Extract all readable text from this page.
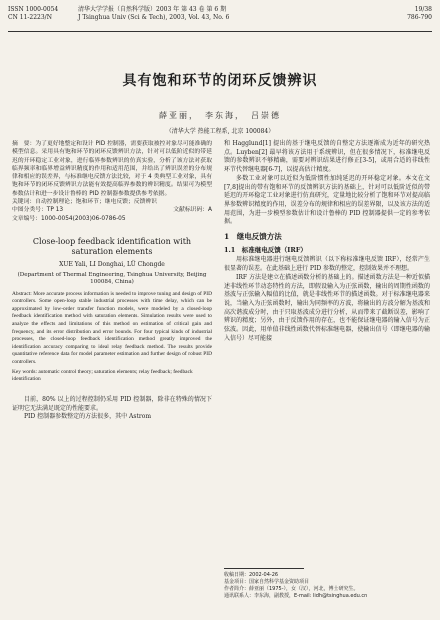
ISSN 1000-0054
CN 11-2223/N
清华大学学报（自然科学版）2003 年 第 43 卷 第 6 期
J Tsinghua Univ (Sci & Tech), 2003, Vol. 43, No. 6
19/38
786-790
具有饱和环节的闭环反馈辨识
薛亚丽，　李东海，　吕崇德
（清华大学 热能工程系, 北京 100084）

摘　要：为了更好地整定和设计 PID 控制器，需要获取被控对象尽可能准确的模型信息。采用具有饱和环节的闭环反馈辨识方法，针对可以低阶近似的带延迟的开环稳定工业对象，进行临界参数辨识的仿真实验，分析了该方法对获取临界频率和临界增益辨识精度的作用和适用范围，并给出了辨识误差的分布规律和相应的误差界，与标准继电反馈方法比较，对于 4 类典型工业对象，具有饱和环节的闭环反馈辨识方法能有效提高临界参数的辨识精度。结果可为模型参数估计和进一步设计鲁棒的 PID 控制器参数提供参考依据。

关键词：自动控制理论；饱和环节；继电反馈；反馈辨识

中图分类号：TP 13	文献标识码：A

文章编号：1000-0054(2003)06-0786-05

Close-loop feedback identification with saturation elements

XUE Yali, LI Donghai, LÜ Chongde

(Department of Thermal Engineering, Tsinghua University, Beijing 100084, China)

Abstract: More accurate process information is needed to improve tuning and design of PID controllers. Some open-loop stable industrial processes with time delay, which can be approximated by low-order transfer function models, were modeled by a closed-loop feedback identification method with saturation elements. Simulation results were used to analyze the effects and limitations of this method on estimation of critical gain and frequency, and its error distribution and error bounds. For four typical kinds of industrial processes, the closed-loop feedback identification method greatly improved the identification accuracy comparing to ideal relay feedback method. The results provide quantitative reference data for model parameter estimation and further design of robust PID controllers.

Key words: automatic control theory; saturation elements; relay feedback; feedback identification

目前，80% 以上的过程控制仍采用 PID 控制器，除非在特殊的情况下证明它无法满足既定的性能要求。

PID 控制器参数整定的方法很多，其中 Astrom

和 Hagglund[1] 提出的基于继电反馈的自整定方法逐渐成为近年的研究热点。Luyben[2] 最早将该方法用于系统辨识，但在很多情况下，标准继电反馈的参数辨识不够精确，需要对辨识结果进行修正[3-5]，或用合适的非线性环节代替继电器[6-7]，以提高估计精度。

多数工业对象可以近似为低阶惯性加纯延迟的开环稳定对象。本文在文[7,8]提出的带有饱和环节的反馈辨识方法的基础上，针对可以低阶近似的带延迟的开环稳定工业对象进行仿真研究，定量地比较分析了饱和环节对提高临界参数辨识精度的作用，误差分布的规律和相应的误差界限，以及该方法的适用范围，为进一步模型参数估计和设计鲁棒的 PID 控制器提供一定的参考依据。

1　继电反馈方法
1.1　标准继电反馈（IRF）

用标准继电器进行继电反馈辨识（以下称标准继电反馈 IRF），经常产生很显著的误差。在此基础上进行 PID 参数的整定，控制效果并不理想。

IRF 方法是建立在描述函数分析的基础上的。描述函数方法是一种近似描述非线性环节动态特性的方法，即假设输入为正弦函数，输出的周期性函数的基波与正弦输入幅值的比值，就是非线性环节的描述函数。对于标准继电器来说，当输入为正弦函数时，输出为同频率的方波，将输出的方波分解为基波和高次谐波成分时，由于只取基波成分进行分析，从而带来了截断误差，影响了辨识的精度；另外，由于反馈作用的存在，也不能保证继电器的输入信号为正弦波。因此，用单值非线性函数代替标准继电器，使输出信号（即继电器的输入信号）尽可能接

收稿日期：2002-04-26
基金项目：国家自然科学基金资助项目
作者简介：薛亚丽（1975-），女（汉），河北，博士研究生。
通讯联系人：李东海，副教授，E-mail: lidh@tsinghua.edu.cn
